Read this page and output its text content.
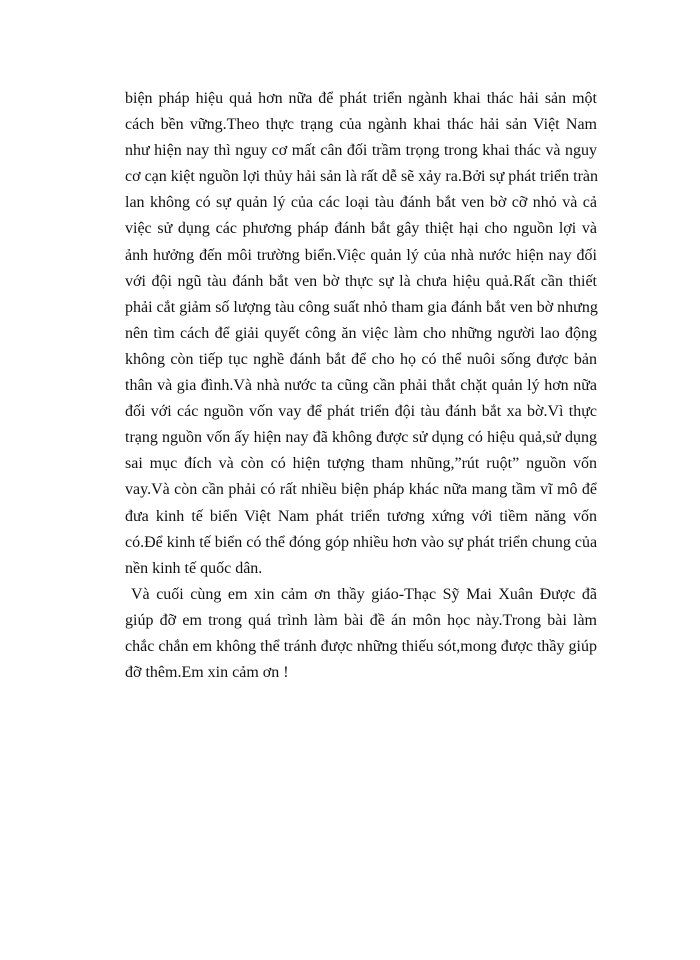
biện pháp hiệu quả hơn nữa để phát triển ngành khai thác hải sản một
cách bền vững.Theo thực trạng của ngành khai thác hải sản Việt Nam
như hiện nay thì nguy cơ mất cân đối trầm trọng trong khai thác và nguy
cơ cạn kiệt nguồn lợi thủy hải sản là rất dễ sẽ xảy ra.Bởi sự phát triển tràn
lan không có sự quản lý của các loại tàu đánh bắt ven bờ cỡ nhỏ và cả
việc sử dụng các phương pháp đánh bắt gây thiệt hại cho nguồn lợi và
ảnh hưởng đến môi trường biển.Việc quản lý của nhà nước hiện nay đối
với đội ngũ tàu đánh bắt ven bờ thực sự là chưa hiệu quả.Rất cần thiết
phải cắt giảm số lượng tàu công suất nhỏ tham gia đánh bắt ven bờ nhưng
nên tìm cách để giải quyết công ăn việc làm cho những người lao động
không còn tiếp tục nghề đánh bắt để cho họ có thể nuôi sống được bản
thân và gia đình.Và nhà nước ta cũng cần phải thắt chặt quản lý hơn nữa
đối với các nguồn vốn vay để phát triển đội tàu đánh bắt xa bờ.Vì thực
trạng nguồn vốn ấy hiện nay đã không được sử dụng có hiệu quả,sử dụng
sai mục đích và còn có hiện tượng tham nhũng,”rút ruột” nguồn vốn
vay.Và còn cần phải có rất nhiều biện pháp khác nữa mang tầm vĩ mô để
đưa kinh tế biển Việt Nam phát triển tương xứng với tiềm năng vốn
có.Để kinh tế biển có thể đóng góp nhiều hơn vào sự phát triển chung của
nền kinh tế quốc dân.
Và cuối cùng em xin cảm ơn thầy giáo-Thạc Sỹ Mai Xuân Được đã
giúp đỡ em trong quá trình làm bài đề án môn học này.Trong bài làm
chắc chắn em không thể tránh được những thiếu sót,mong được thầy giúp
đỡ thêm.Em xin cảm ơn !
